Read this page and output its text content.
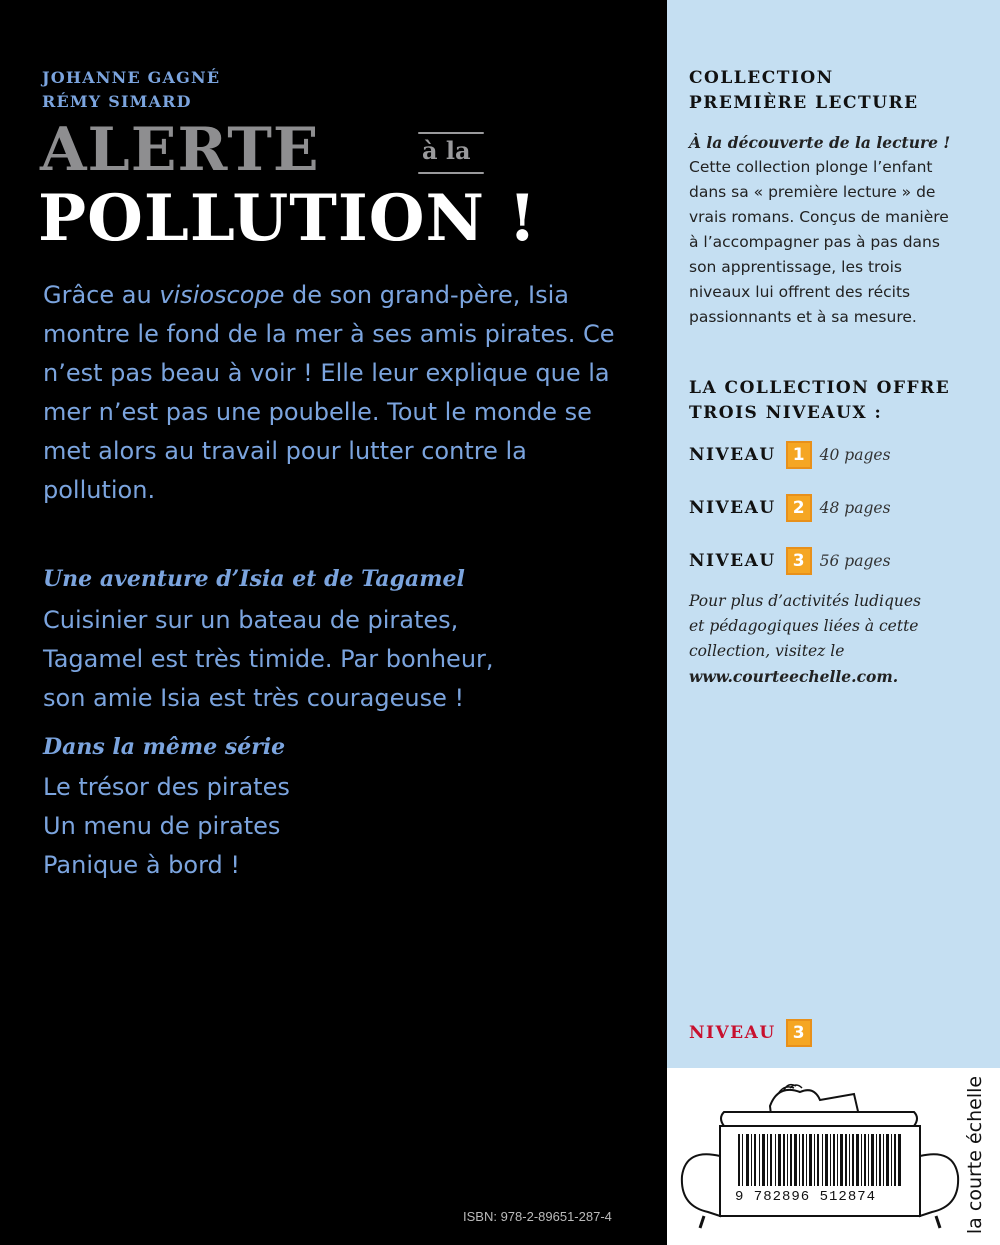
JOHANNE GAGNÉ
RÉMY SIMARD
ALERTE	à la
POLLUTION !

Grâce au visioscope de son grand-père, Isia montre le fond de la mer à ses amis pirates. Ce n’est pas beau à voir ! Elle leur explique que la mer n’est pas une poubelle. Tout le monde se met alors au travail pour lutter contre la pollution.

Une aventure d’Isia et de Tagamel
Cuisinier sur un bateau de pirates,
Tagamel est très timide. Par bonheur,
son amie Isia est très courageuse !
Dans la même série
Le trésor des pirates
Un menu de pirates
Panique à bord !
ISBN: 978-2-89651-287-4
COLLECTION
PREMIÈRE LECTURE
À la découverte de la lecture !
Cette collection plonge l’enfant
dans sa « première lecture » de
vrais romans. Conçus de manière
à l’accompagner pas à pas dans
son apprentissage, les trois
niveaux lui offrent des récits
passionnants et à sa mesure.
LA COLLECTION OFFRE
TROIS NIVEAUX :
NIVEAU	1 40 pages
NIVEAU	2 48 pages
NIVEAU	3 56 pages
Pour plus d’activités ludiques
et pédagogiques liées à cette
collection, visitez le
www.courteechelle.com.
NIVEAU	3
9 782896 512874	la courte échelle
